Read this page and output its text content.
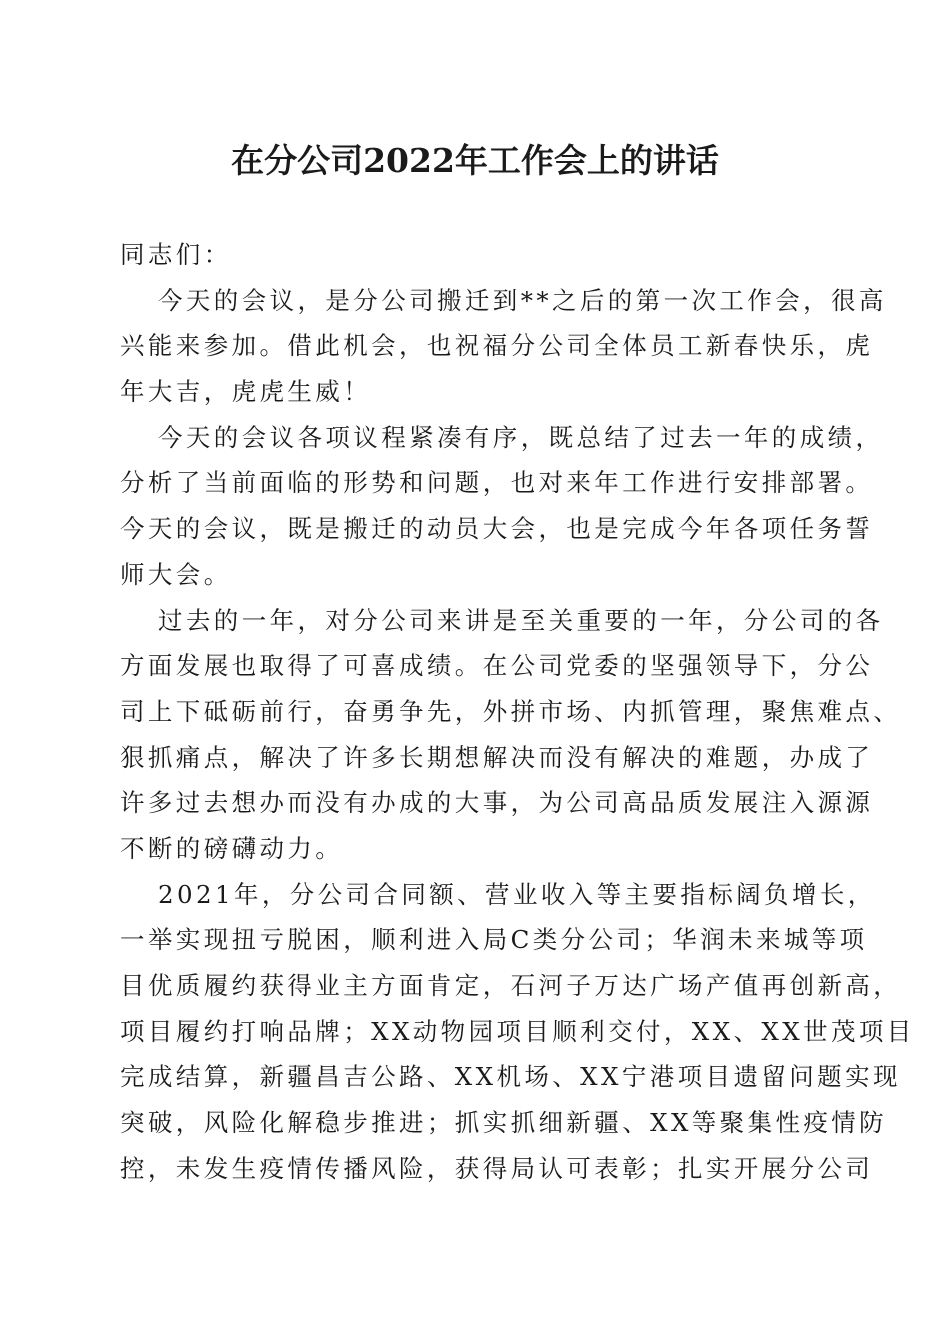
在分公司2022年工作会上的讲话
同志们：
今天的会议，是分公司搬迁到**之后的第一次工作会，很高
兴能来参加。借此机会，也祝福分公司全体员工新春快乐，虎
年大吉，虎虎生威！
今天的会议各项议程紧凑有序，既总结了过去一年的成绩，
分析了当前面临的形势和问题，也对来年工作进行安排部署。
今天的会议，既是搬迁的动员大会，也是完成今年各项任务誓
师大会。
过去的一年，对分公司来讲是至关重要的一年，分公司的各
方面发展也取得了可喜成绩。在公司党委的坚强领导下，分公
司上下砥砺前行，奋勇争先，外拼市场、内抓管理，聚焦难点、
狠抓痛点，解决了许多长期想解决而没有解决的难题，办成了
许多过去想办而没有办成的大事，为公司高品质发展注入源源
不断的磅礴动力。
2021年，分公司合同额、营业收入等主要指标阔负增长，
一举实现扭亏脱困，顺利进入局C类分公司；华润未来城等项
目优质履约获得业主方面肯定，石河子万达广场产值再创新高，
项目履约打响品牌；XX动物园项目顺利交付，XX、XX世茂项目
完成结算，新疆昌吉公路、XX机场、XX宁港项目遗留问题实现
突破，风险化解稳步推进；抓实抓细新疆、XX等聚集性疫情防
控，未发生疫情传播风险，获得局认可表彰；扎实开展分公司
